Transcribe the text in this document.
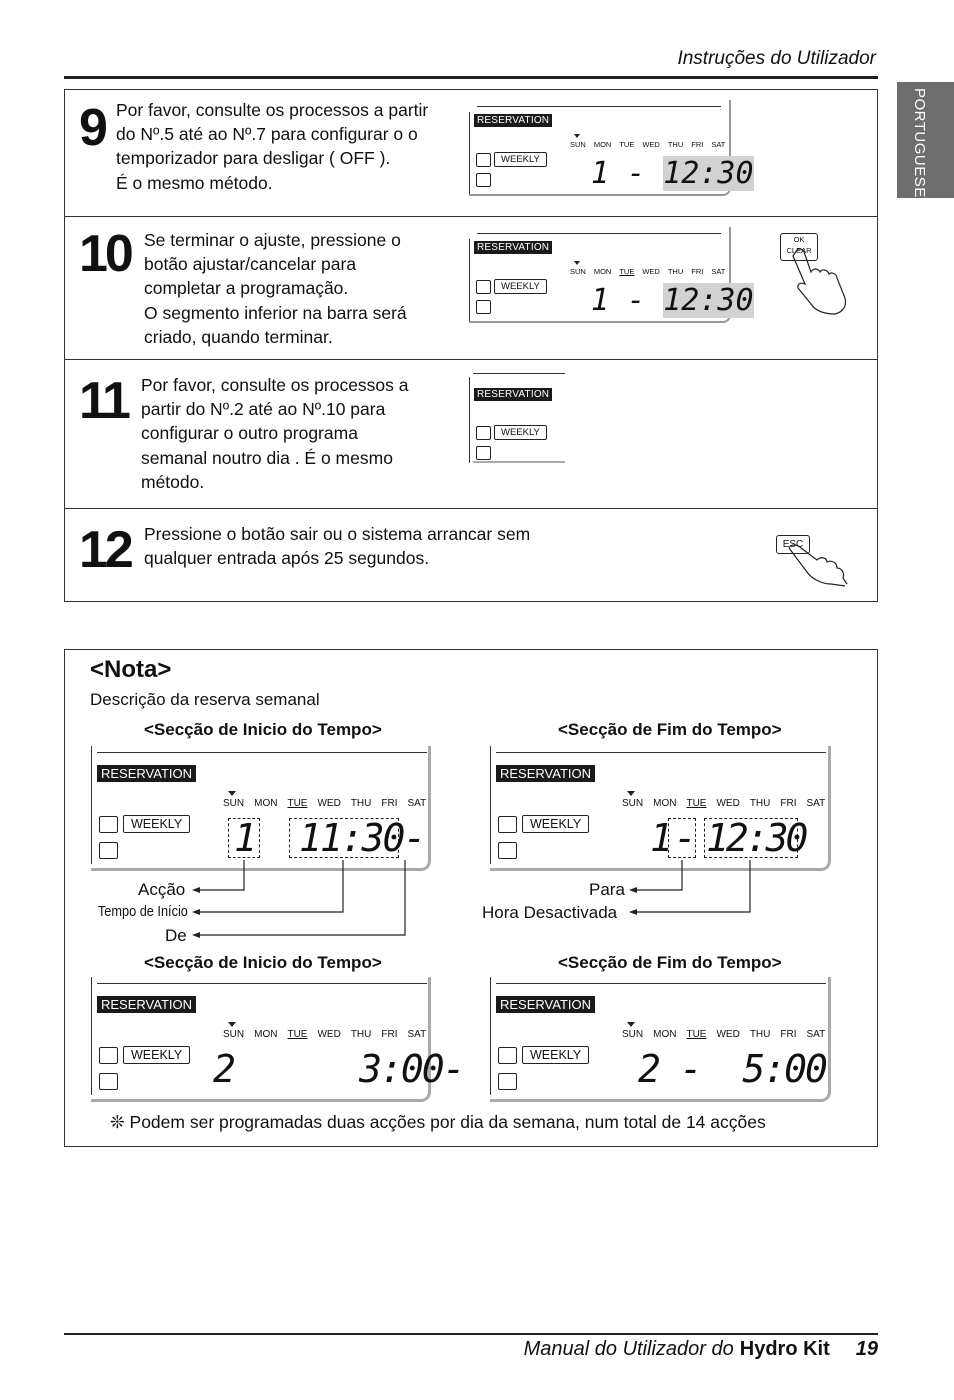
Instruções do Utilizador
PORTUGUESE
9 Por favor, consulte os processos a partir
do Nº.5 até ao Nº.7 para configurar o o
temporizador para desligar ( OFF ).
É o mesmo método.
RESERVATION
SUN MON TUE WED THU FRI SAT
WEEKLY 1 - 12:30
10 Se terminar o ajuste, pressione o
botão ajustar/cancelar para
completar a programação.
O segmento inferior na barra será
criado, quando terminar.
RESERVATION
SUN MON TUE WED THU FRI SAT
WEEKLY 1 - 12:30
OK
CLEAR
11 Por favor, consulte os processos a
partir do Nº.2 até ao Nº.10 para
configurar o outro programa
semanal noutro dia . É o mesmo
método.
RESERVATION
WEEKLY
12 Pressione o botão sair ou o sistema arrancar sem
qualquer entrada após 25 segundos.
ESC
<Nota>
Descrição da reserva semanal
<Secção de Inicio do Tempo>	<Secção de Fim do Tempo>
<Secção de Inicio do Tempo>	<Secção de Fim do Tempo>
RESERVATION
SUN MON TUE WED THU FRI SAT
WEEKLY 1 11:30-
RESERVATION
SUN MON TUE WED THU FRI SAT
WEEKLY 1- 12:30
Acção
Tempo de Início
De
Para
Hora Desactivada
RESERVATION
SUN MON TUE WED THU FRI SAT
WEEKLY 2      3:00-
RESERVATION
SUN MON TUE WED THU FRI SAT
WEEKLY 2 -  5:00
❊ Podem ser programadas duas acções por dia da semana, num total de 14 acções
Manual do Utilizador do Hydro Kit 19
